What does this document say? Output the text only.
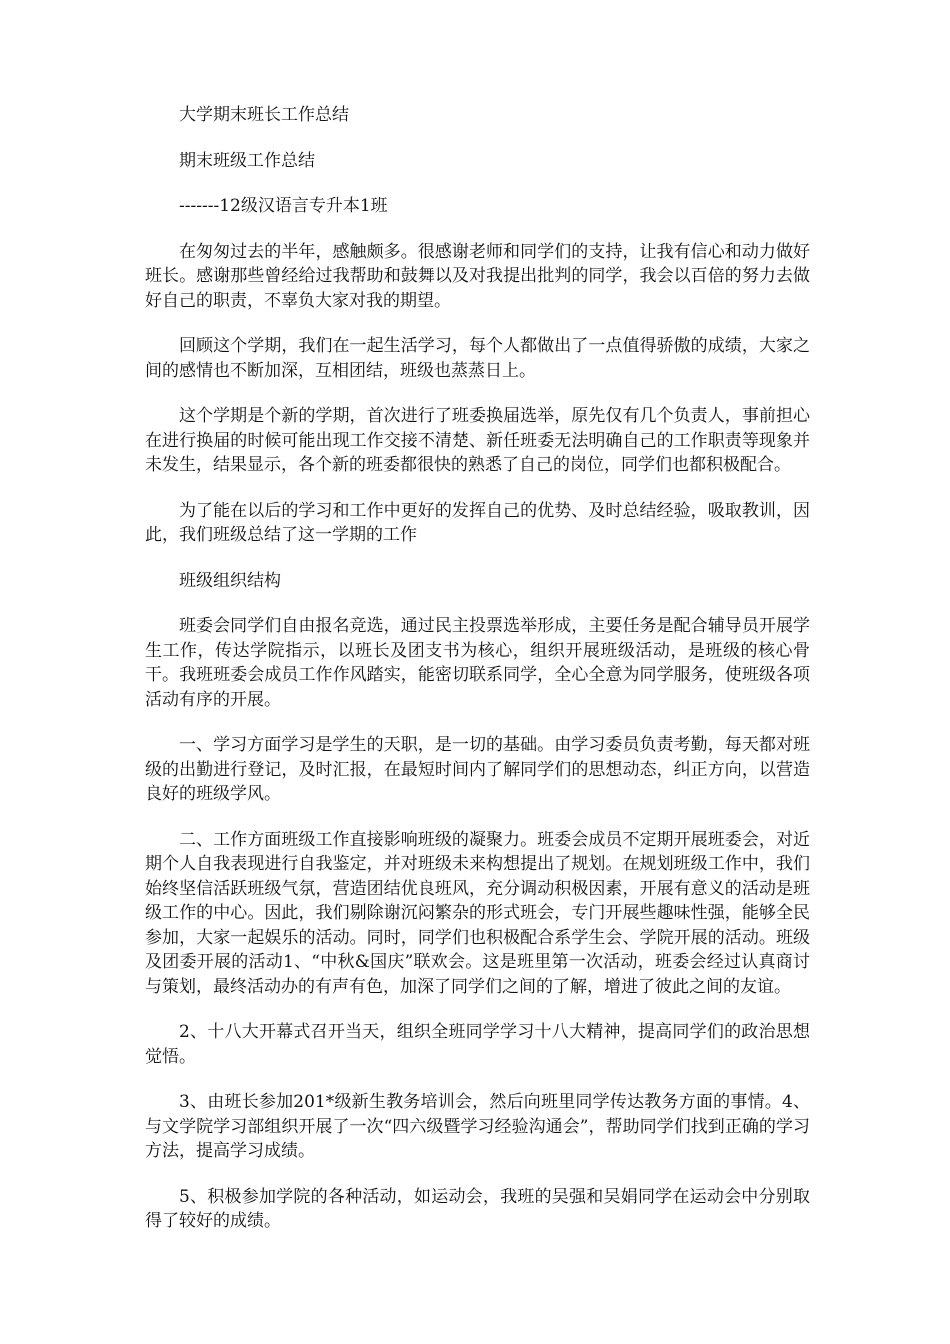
大学期末班长工作总结

期末班级工作总结

-------12级汉语言专升本1班

在匆匆过去的半年，感触颇多。很感谢老师和同学们的支持，让我有信心和动力做好班长。感谢那些曾经给过我帮助和鼓舞以及对我提出批判的同学，我会以百倍的努力去做好自己的职责，不辜负大家对我的期望。

回顾这个学期，我们在一起生活学习，每个人都做出了一点值得骄傲的成绩，大家之间的感情也不断加深，互相团结，班级也蒸蒸日上。

这个学期是个新的学期，首次进行了班委换届选举，原先仅有几个负责人，事前担心在进行换届的时候可能出现工作交接不清楚、新任班委无法明确自己的工作职责等现象并未发生，结果显示，各个新的班委都很快的熟悉了自己的岗位，同学们也都积极配合。

为了能在以后的学习和工作中更好的发挥自己的优势、及时总结经验，吸取教训，因此，我们班级总结了这一学期的工作

班级组织结构

班委会同学们自由报名竞选，通过民主投票选举形成，主要任务是配合辅导员开展学生工作，传达学院指示，以班长及团支书为核心，组织开展班级活动，是班级的核心骨干。我班班委会成员工作作风踏实，能密切联系同学，全心全意为同学服务，使班级各项活动有序的开展。

一、学习方面学习是学生的天职，是一切的基础。由学习委员负责考勤，每天都对班级的出勤进行登记，及时汇报，在最短时间内了解同学们的思想动态，纠正方向，以营造良好的班级学风。

二、工作方面班级工作直接影响班级的凝聚力。班委会成员不定期开展班委会，对近期个人自我表现进行自我鉴定，并对班级未来构想提出了规划。在规划班级工作中，我们始终坚信活跃班级气氛，营造团结优良班风，充分调动积极因素，开展有意义的活动是班级工作的中心。因此，我们剔除谢沉闷繁杂的形式班会，专门开展些趣味性强，能够全民参加，大家一起娱乐的活动。同时，同学们也积极配合系学生会、学院开展的活动。班级及团委开展的活动1、“中秋&国庆”联欢会。这是班里第一次活动，班委会经过认真商讨与策划，最终活动办的有声有色，加深了同学们之间的了解，增进了彼此之间的友谊。

2、十八大开幕式召开当天，组织全班同学学习十八大精神，提高同学们的政治思想觉悟。

3、由班长参加201*级新生教务培训会，然后向班里同学传达教务方面的事情。4、与文学院学习部组织开展了一次“四六级暨学习经验沟通会”，帮助同学们找到正确的学习方法，提高学习成绩。

5、积极参加学院的各种活动，如运动会，我班的吴强和吴娟同学在运动会中分别取得了较好的成绩。
